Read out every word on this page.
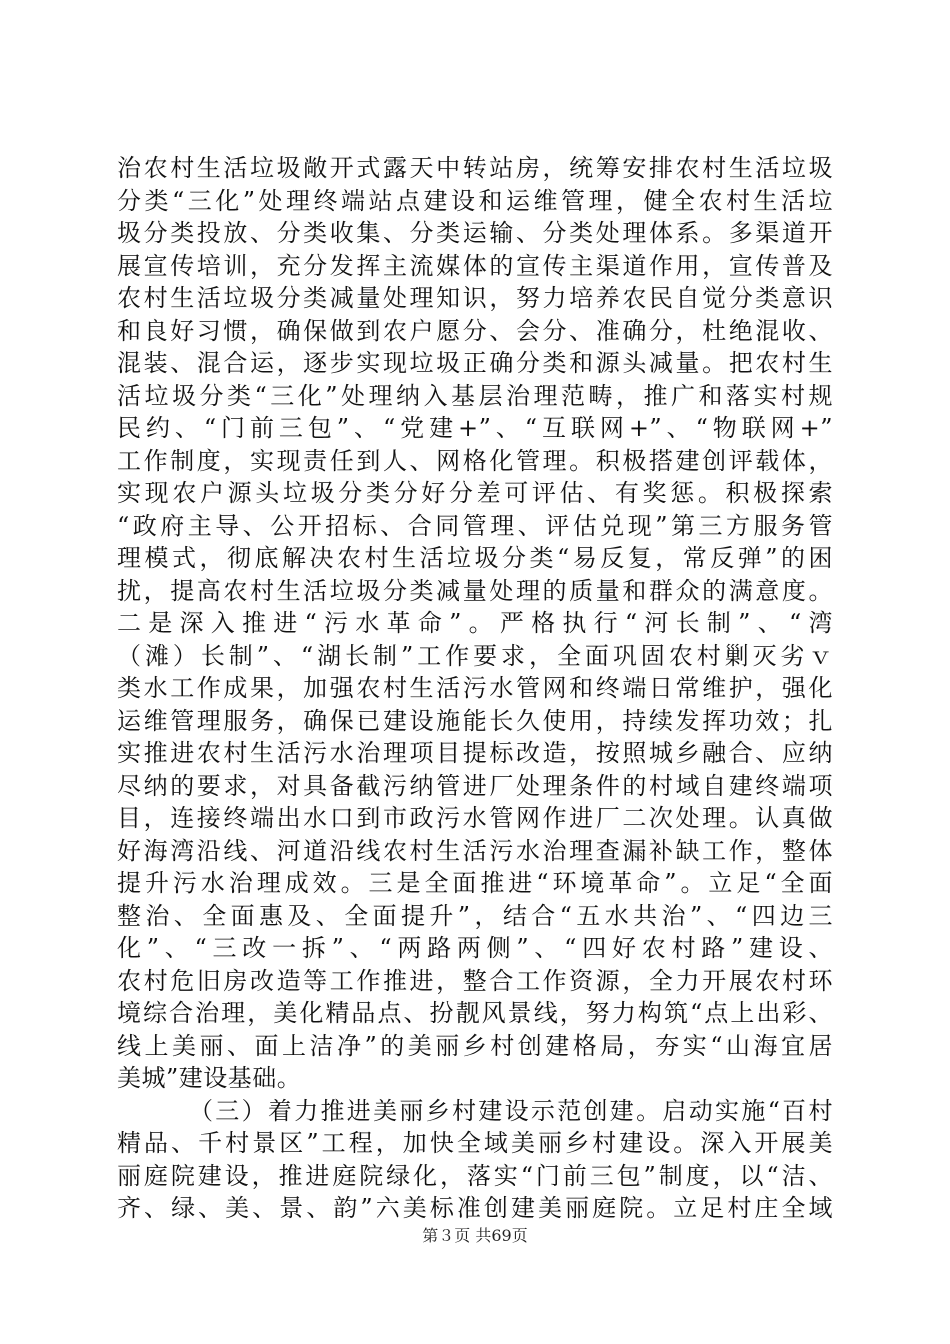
治农村生活垃圾敞开式露天中转站房，统筹安排农村生活垃圾
分类“三化”处理终端站点建设和运维管理，健全农村生活垃
圾分类投放、分类收集、分类运输、分类处理体系。多渠道开
展宣传培训，充分发挥主流媒体的宣传主渠道作用，宣传普及
农村生活垃圾分类减量处理知识，努力培养农民自觉分类意识
和良好习惯，确保做到农户愿分、会分、准确分，杜绝混收、
混装、混合运，逐步实现垃圾正确分类和源头减量。把农村生
活垃圾分类“三化”处理纳入基层治理范畴，推广和落实村规
民约、“门前三包”、“党建+”、“互联网+”、“物联网+”
工作制度，实现责任到人、网格化管理。积极搭建创评载体，
实现农户源头垃圾分类分好分差可评估、有奖惩。积极探索
“政府主导、公开招标、合同管理、评估兑现”第三方服务管
理模式，彻底解决农村生活垃圾分类“易反复，常反弹”的困
扰，提高农村生活垃圾分类减量处理的质量和群众的满意度。
二是深入推进“污水革命”。严格执行“河长制”、“湾
（滩）长制”、“湖长制”工作要求，全面巩固农村剿灭劣ｖ
类水工作成果，加强农村生活污水管网和终端日常维护，强化
运维管理服务，确保已建设施能长久使用，持续发挥功效；扎
实推进农村生活污水治理项目提标改造，按照城乡融合、应纳
尽纳的要求，对具备截污纳管进厂处理条件的村域自建终端项
目，连接终端出水口到市政污水管网作进厂二次处理。认真做
好海湾沿线、河道沿线农村生活污水治理查漏补缺工作，整体
提升污水治理成效。三是全面推进“环境革命”。立足“全面
整治、全面惠及、全面提升”，结合“五水共治”、“四边三
化”、“三改一拆”、“两路两侧”、“四好农村路”建设、
农村危旧房改造等工作推进，整合工作资源，全力开展农村环
境综合治理，美化精品点、扮靓风景线，努力构筑“点上出彩、
线上美丽、面上洁净”的美丽乡村创建格局，夯实“山海宜居
美城”建设基础。
（三）着力推进美丽乡村建设示范创建。启动实施“百村
精品、千村景区”工程，加快全域美丽乡村建设。深入开展美
丽庭院建设，推进庭院绿化，落实“门前三包”制度，以“洁、
齐、绿、美、景、韵”六美标准创建美丽庭院。立足村庄全域
第３页 共69页
